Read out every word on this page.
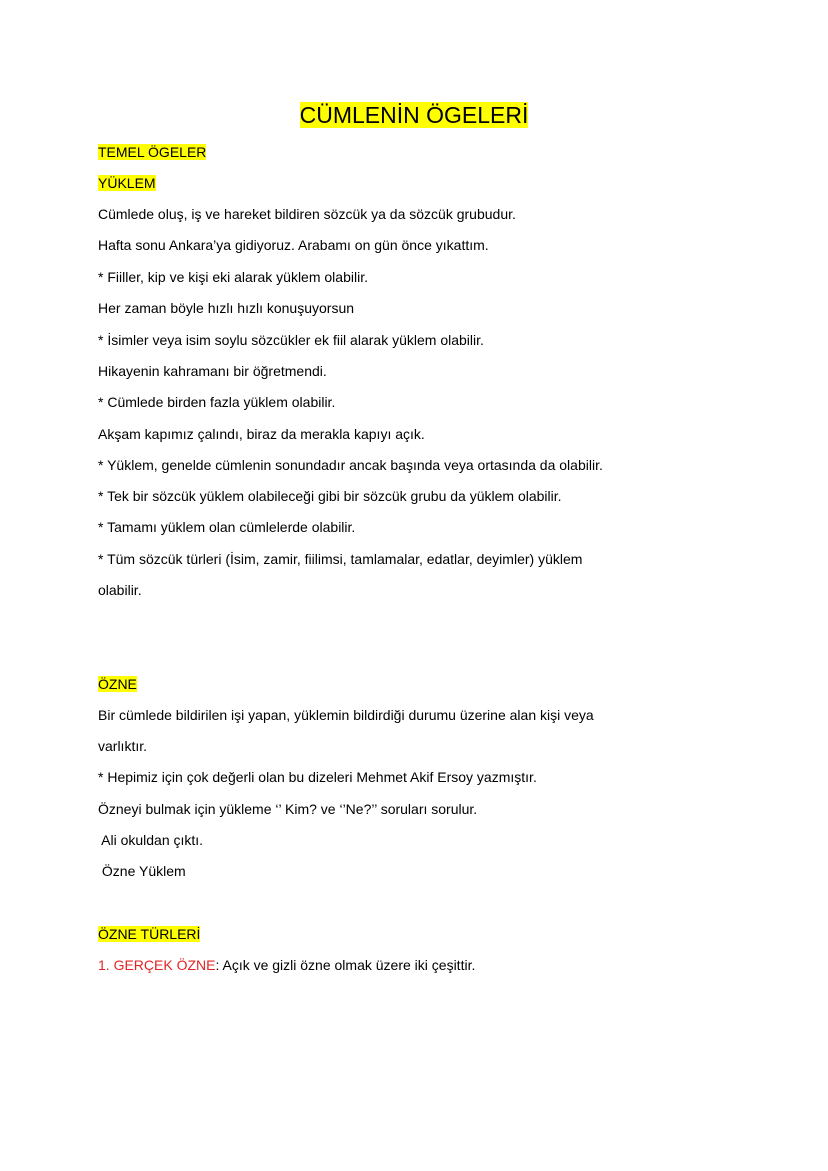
CÜMLENİN ÖGELERİ

TEMEL ÖGELER

YÜKLEM

Cümlede oluş, iş ve hareket bildiren sözcük ya da sözcük grubudur.

Hafta sonu Ankara’ya gidiyoruz. Arabamı on gün önce yıkattım.

* Fiiller, kip ve kişi eki alarak yüklem olabilir.

Her zaman böyle hızlı hızlı konuşuyorsun

* İsimler veya isim soylu sözcükler ek fiil alarak yüklem olabilir.

Hikayenin kahramanı bir öğretmendi.

* Cümlede birden fazla yüklem olabilir.

Akşam kapımız çalındı, biraz da merakla kapıyı açık.

* Yüklem, genelde cümlenin sonundadır ancak başında veya ortasında da olabilir.

* Tek bir sözcük yüklem olabileceği gibi bir sözcük grubu da yüklem olabilir.

* Tamamı yüklem olan cümlelerde olabilir.

* Tüm sözcük türleri (İsim, zamir, fiilimsi, tamlamalar, edatlar, deyimler) yüklem

olabilir.

ÖZNE

Bir cümlede bildirilen işi yapan, yüklemin bildirdiği durumu üzerine alan kişi veya

varlıktır.

* Hepimiz için çok değerli olan bu dizeleri Mehmet Akif Ersoy yazmıştır.

Özneyi bulmak için yükleme ‘’ Kim? ve ‘’Ne?’’ soruları sorulur.

Ali okuldan çıktı.

Özne Yüklem

ÖZNE TÜRLERİ

1. GERÇEK ÖZNE: Açık ve gizli özne olmak üzere iki çeşittir.
